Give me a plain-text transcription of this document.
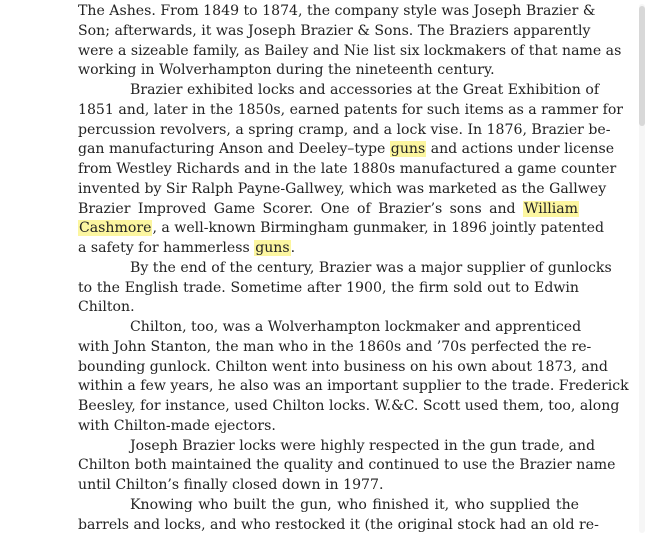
The Ashes. From 1849 to 1874, the company style was Joseph Brazier &
Son; afterwards, it was Joseph Brazier & Sons. The Braziers apparently
were a sizeable family, as Bailey and Nie list six lockmakers of that name as
working in Wolverhampton during the nineteenth century.
Brazier exhibited locks and accessories at the Great Exhibition of
1851 and, later in the 1850s, earned patents for such items as a rammer for
percussion revolvers, a spring cramp, and a lock vise. In 1876, Brazier be-
gan manufacturing Anson and Deeley–type guns and actions under license
from Westley Richards and in the late 1880s manufactured a game counter
invented by Sir Ralph Payne-Gallwey, which was marketed as the Gallwey
Brazier Improved Game Scorer. One of Brazier’s sons and William
Cashmore, a well-known Birmingham gunmaker, in 1896 jointly patented
a safety for hammerless guns.
By the end of the century, Brazier was a major supplier of gunlocks
to the English trade. Sometime after 1900, the firm sold out to Edwin
Chilton.
Chilton, too, was a Wolverhampton lockmaker and apprenticed
with John Stanton, the man who in the 1860s and ’70s perfected the re-
bounding gunlock. Chilton went into business on his own about 1873, and
within a few years, he also was an important supplier to the trade. Frederick
Beesley, for instance, used Chilton locks. W.&C. Scott used them, too, along
with Chilton-made ejectors.
Joseph Brazier locks were highly respected in the gun trade, and
Chilton both maintained the quality and continued to use the Brazier name
until Chilton’s finally closed down in 1977.
Knowing who built the gun, who finished it, who supplied the
barrels and locks, and who restocked it (the original stock had an old re-
